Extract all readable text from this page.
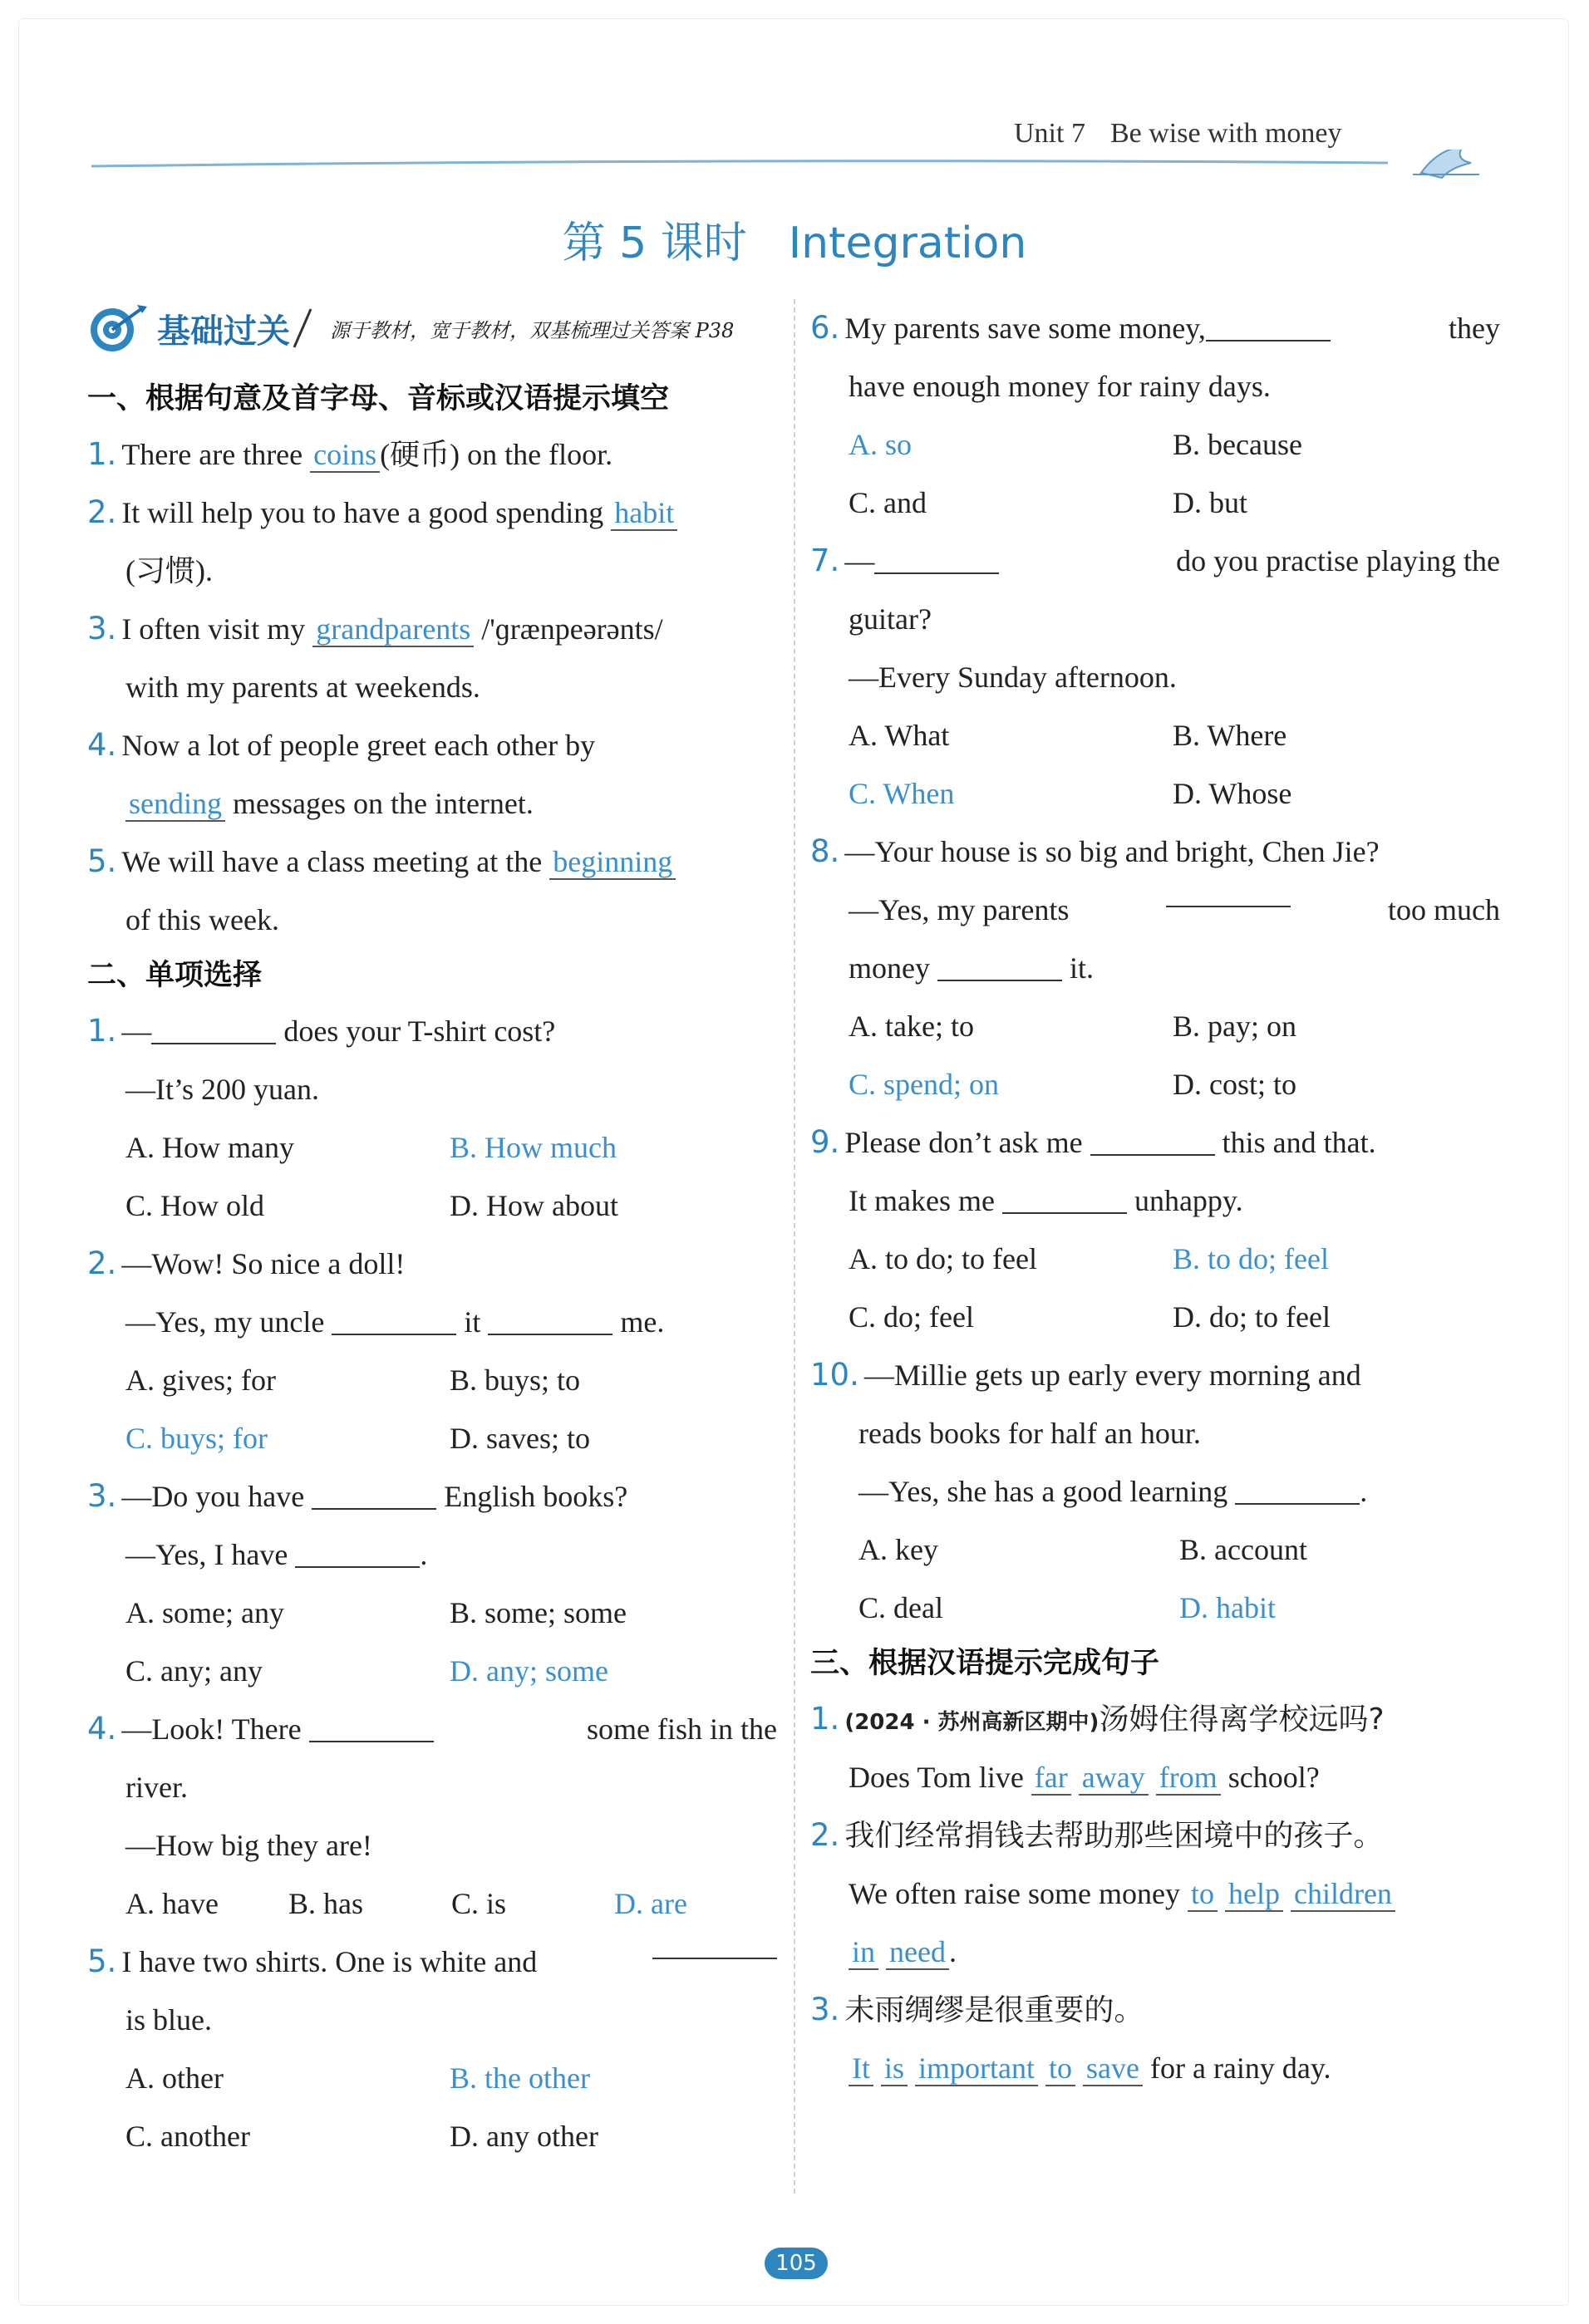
Unit 7 Be wise with money
第 5 课时 Integration
基础过关 源于教材，宽于教材，双基梳理过关答案 P38
一、根据句意及首字母、音标或汉语提示填空
1. There are three coins (硬币) on the floor.
2. It will help you to have a good spending habit
(习惯).
3. I often visit my grandparents /'ɡrænpeərənts/
with my parents at weekends.
4. Now a lot of people greet each other by
sending messages on the internet.
5. We will have a class meeting at the beginning
of this week.
二、单项选择
1. —	does your T-shirt cost?
—It’s 200 yuan.
A. How many	B. How much
C. How old	D. How about
2. —Wow! So nice a doll!
—Yes, my uncle	it	me.
A. gives; for	B. buys; to
C. buys; for	D. saves; to
3. —Do you have	English books?
—Yes, I have	.
A. some; any	B. some; some
C. any; any	D. any; some
4. —Look! There	some fish in the
river.
—How big they are!
A. have	B. has	C. is	D. are
5. I have two shirts. One is white and
is blue.
A. other	B. the other
C. another	D. any other
6. My parents save some money,	they
have enough money for rainy days.
A. so	B. because
C. and	D. but
7. —	do you practise playing the
guitar?
—Every Sunday afternoon.
A. What	B. Where
C. When	D. Whose
8. —Your house is so big and bright, Chen Jie?
—Yes, my parents	too much
money	it.
A. take; to	B. pay; on
C. spend; on	D. cost; to
9. Please don’t ask me	this and that.
It makes me	unhappy.
A. to do; to feel	B. to do; feel
C. do; feel	D. do; to feel
10. —Millie gets up early every morning and
reads books for half an hour.
—Yes, she has a good learning	.
A. key	B. account
C. deal	D. habit
三、根据汉语提示完成句子
1. (2024 · 苏州高新区期中)汤姆住得离学校远吗?
Does Tom live far away from school?
2. 我们经常捐钱去帮助那些困境中的孩子。
We often raise some money to help children
in need .
3. 未雨绸缪是很重要的。
It is important to save for a rainy day.
105
